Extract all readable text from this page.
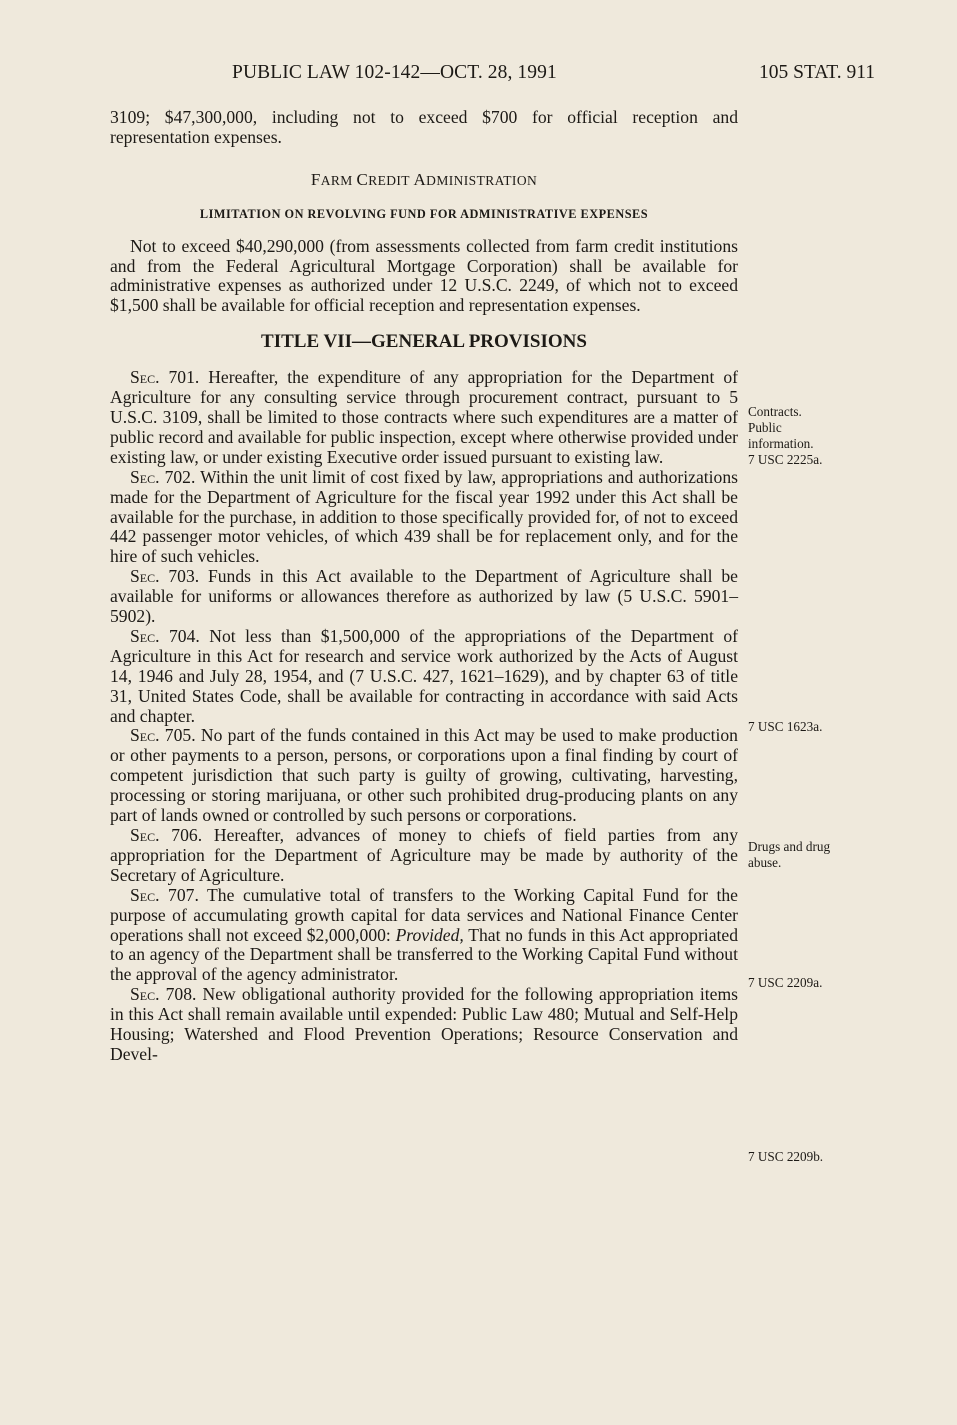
PUBLIC LAW 102-142—OCT. 28, 1991	105 STAT. 911

3109; $47,300,000, including not to exceed $700 for official reception and representation expenses.

FARM CREDIT ADMINISTRATION
LIMITATION ON REVOLVING FUND FOR ADMINISTRATIVE EXPENSES

Not to exceed $40,290,000 (from assessments collected from farm credit institutions and from the Federal Agricultural Mortgage Corporation) shall be available for administrative expenses as authorized under 12 U.S.C. 2249, of which not to exceed $1,500 shall be available for official reception and representation expenses.

TITLE VII—GENERAL PROVISIONS

Sec. 701. Hereafter, the expenditure of any appropriation for the Department of Agriculture for any consulting service through procurement contract, pursuant to 5 U.S.C. 3109, shall be limited to those contracts where such expenditures are a matter of public record and available for public inspection, except where otherwise provided under existing law, or under existing Executive order issued pursuant to existing law.

Sec. 702. Within the unit limit of cost fixed by law, appropriations and authorizations made for the Department of Agriculture for the fiscal year 1992 under this Act shall be available for the purchase, in addition to those specifically provided for, of not to exceed 442 passenger motor vehicles, of which 439 shall be for replacement only, and for the hire of such vehicles.

Sec. 703. Funds in this Act available to the Department of Agriculture shall be available for uniforms or allowances therefore as authorized by law (5 U.S.C. 5901–5902).

Sec. 704. Not less than $1,500,000 of the appropriations of the Department of Agriculture in this Act for research and service work authorized by the Acts of August 14, 1946 and July 28, 1954, and (7 U.S.C. 427, 1621–1629), and by chapter 63 of title 31, United States Code, shall be available for contracting in accordance with said Acts and chapter.

Sec. 705. No part of the funds contained in this Act may be used to make production or other payments to a person, persons, or corporations upon a final finding by court of competent jurisdiction that such party is guilty of growing, cultivating, harvesting, processing or storing marijuana, or other such prohibited drug-producing plants on any part of lands owned or controlled by such persons or corporations.

Sec. 706. Hereafter, advances of money to chiefs of field parties from any appropriation for the Department of Agriculture may be made by authority of the Secretary of Agriculture.

Sec. 707. The cumulative total of transfers to the Working Capital Fund for the purpose of accumulating growth capital for data services and National Finance Center operations shall not exceed $2,000,000: Provided, That no funds in this Act appropriated to an agency of the Department shall be transferred to the Working Capital Fund without the approval of the agency administrator.

Sec. 708. New obligational authority provided for the following appropriation items in this Act shall remain available until expended: Public Law 480; Mutual and Self-Help Housing; Watershed and Flood Prevention Operations; Resource Conservation and Devel-

Contracts.
Public
information.
7 USC 2225a.
7 USC 1623a.
Drugs and drug
abuse.
7 USC 2209a.
7 USC 2209b.
